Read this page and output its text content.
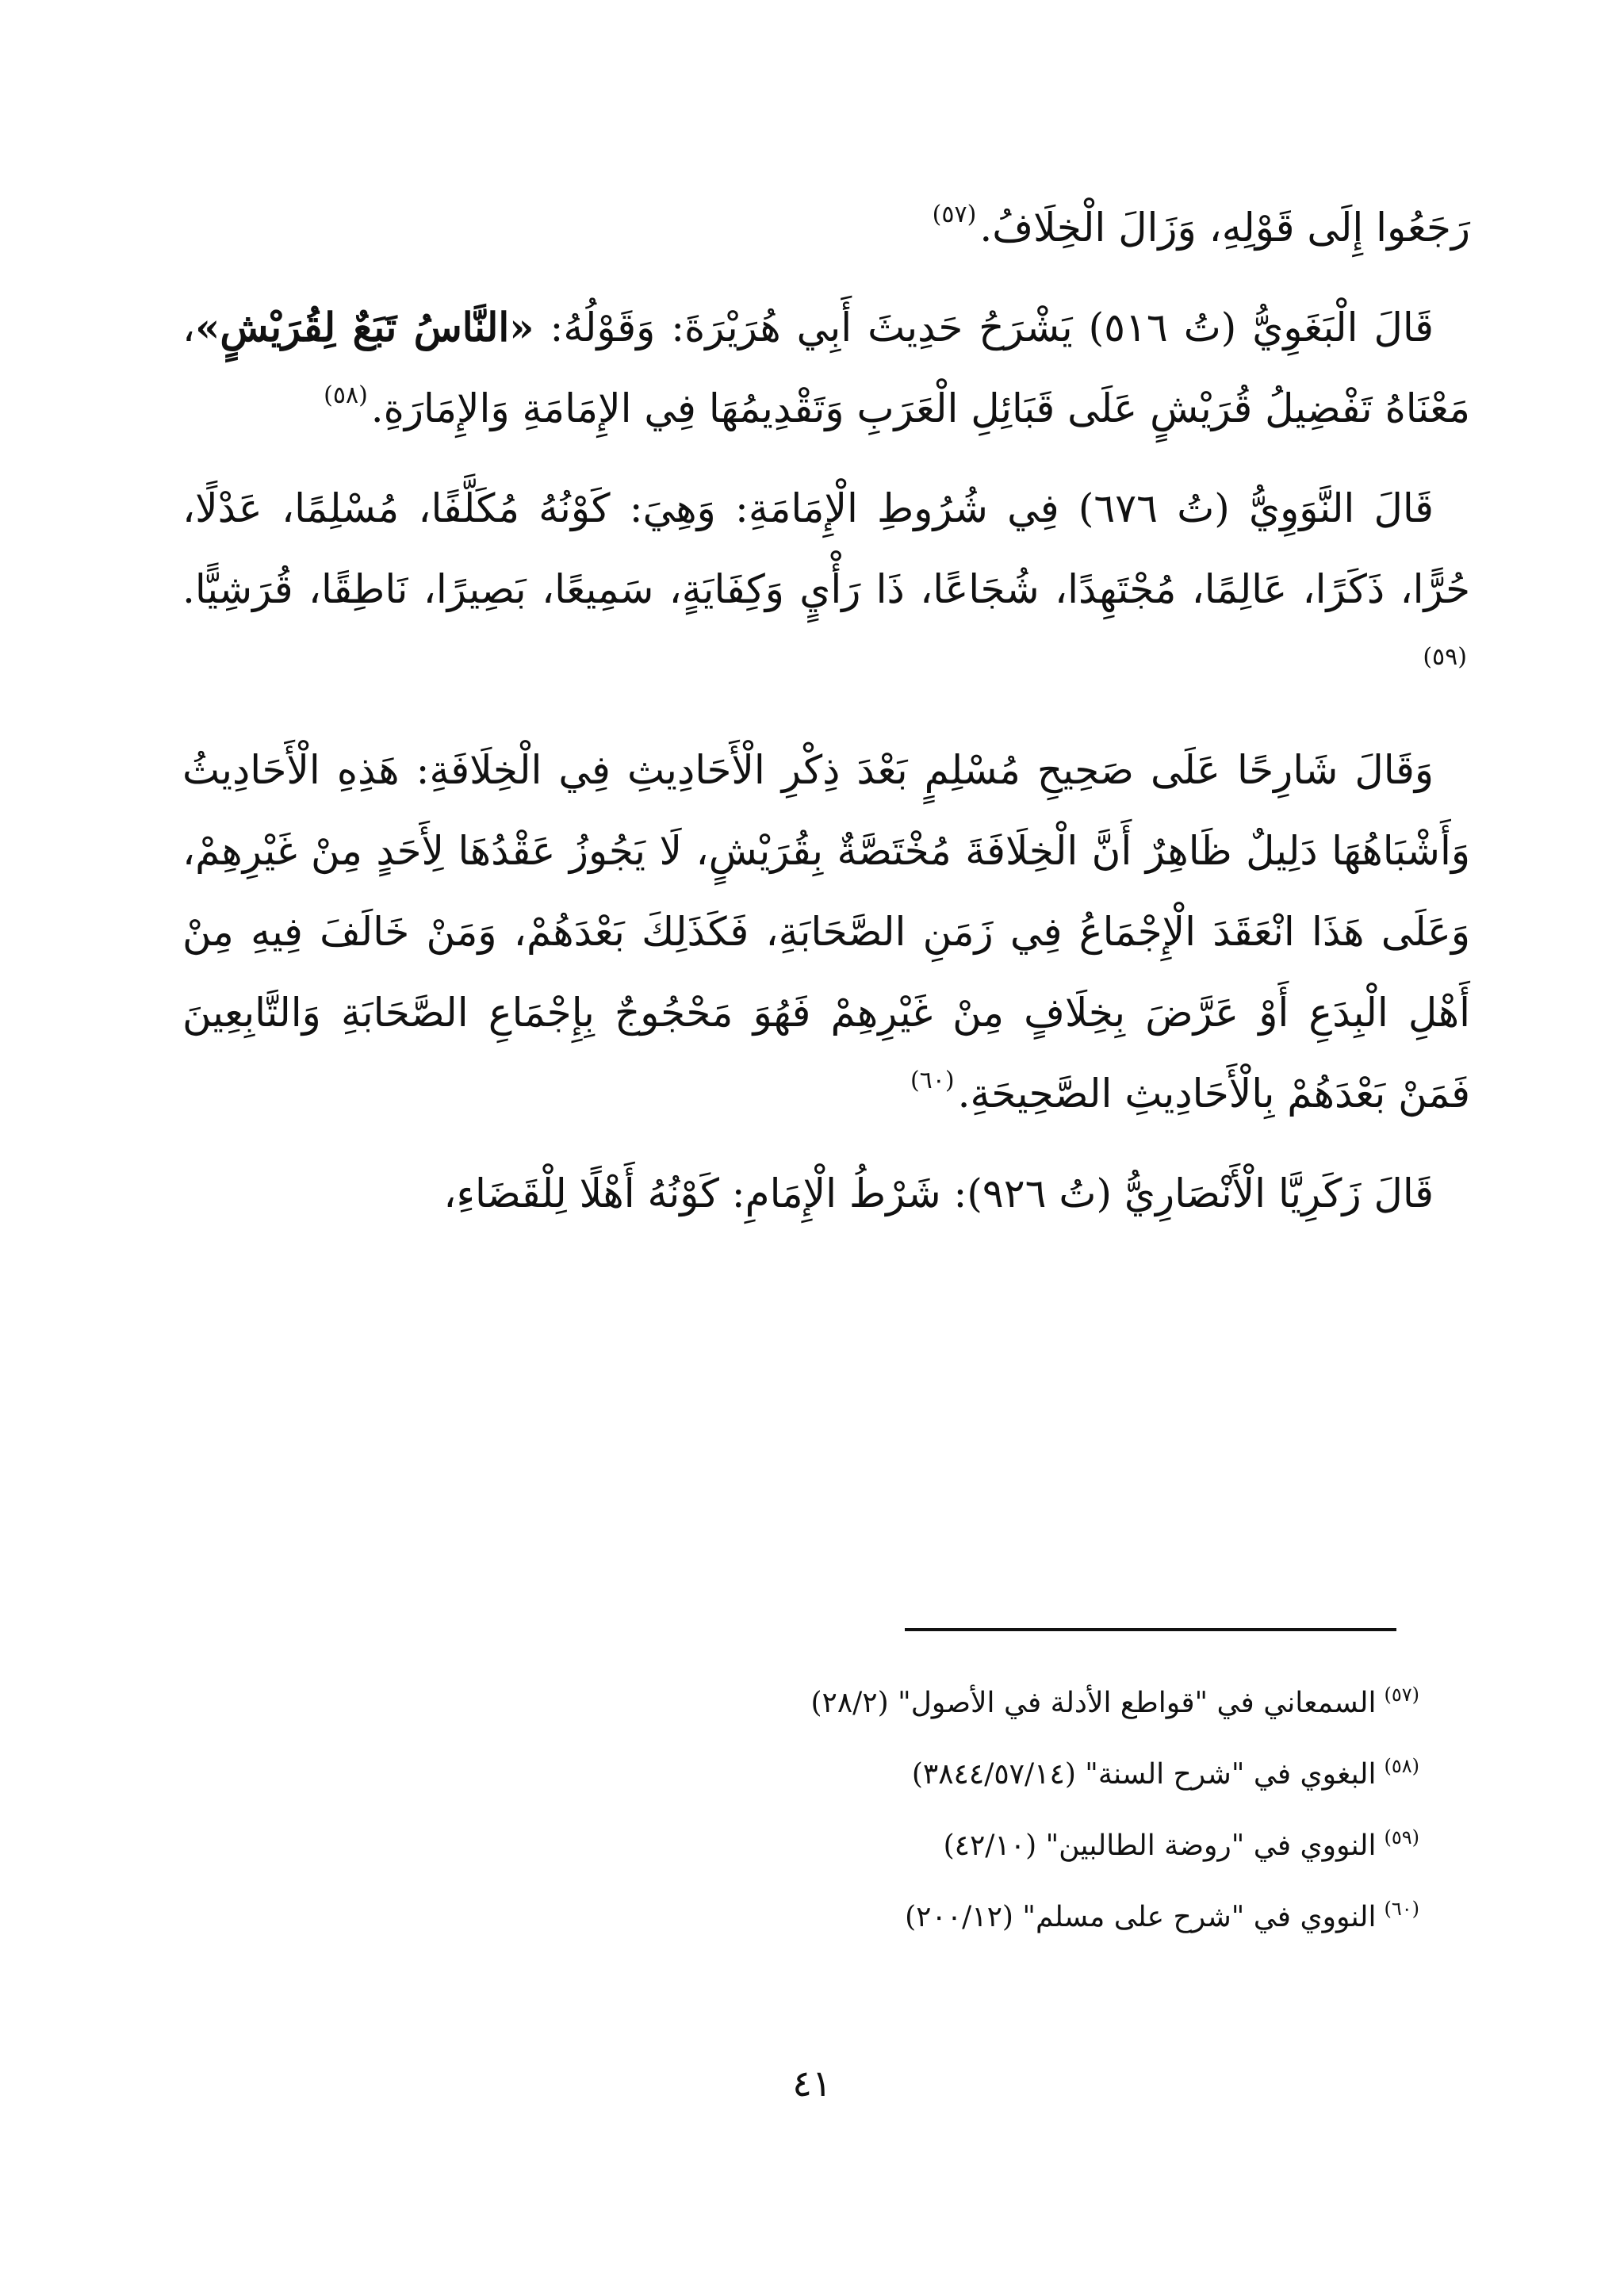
رَجَعُوا إِلَى قَوْلِهِ، وَزَالَ الْخِلَافُ.$^{(٥٧)}$

قَالَ الْبَغَوِيُّ (تُ ٥١٦) يَشْرَحُ حَدِيثَ أَبِي هُرَيْرَةَ: وَقَوْلُهُ: «النَّاسُ تَبَعٌ لِقُرَيْشٍ»، مَعْنَاهُ تَفْضِيلُ قُرَيْشٍ عَلَى قَبَائِلِ الْعَرَبِ وَتَقْدِيمُهَا فِي الإِمَامَةِ وَالإِمَارَةِ.$^{(٥٨)}$

قَالَ النَّوَوِيُّ (تُ ٦٧٦) فِي شُرُوطِ الْإِمَامَةِ: وَهِيَ: كَوْنُهُ مُكَلَّفًا، مُسْلِمًا، عَدْلًا، حُرًّا، ذَكَرًا، عَالِمًا، مُجْتَهِدًا، شُجَاعًا، ذَا رَأْيٍ وَكِفَايَةٍ، سَمِيعًا، بَصِيرًا، نَاطِقًا، قُرَشِيًّا.$^{(٥٩)}$

وَقَالَ شَارِحًا عَلَى صَحِيحِ مُسْلِمٍ بَعْدَ ذِكْرِ الْأَحَادِيثِ فِي الْخِلَافَةِ: هَذِهِ الْأَحَادِيثُ وَأَشْبَاهُهَا دَلِيلٌ ظَاهِرٌ أَنَّ الْخِلَافَةَ مُخْتَصَّةٌ بِقُرَيْشٍ، لَا يَجُوزُ عَقْدُهَا لِأَحَدٍ مِنْ غَيْرِهِمْ، وَعَلَى هَذَا انْعَقَدَ الْإِجْمَاعُ فِي زَمَنِ الصَّحَابَةِ، فَكَذَلِكَ بَعْدَهُمْ، وَمَنْ خَالَفَ فِيهِ مِنْ أَهْلِ الْبِدَعِ أَوْ عَرَّضَ بِخِلَافٍ مِنْ غَيْرِهِمْ فَهُوَ مَحْجُوجٌ بِإِجْمَاعِ الصَّحَابَةِ وَالتَّابِعِينَ فَمَنْ بَعْدَهُمْ بِالْأَحَادِيثِ الصَّحِيحَةِ.$^{(٦٠)}$

قَالَ زَكَرِيَّا الْأَنْصَارِيُّ (تُ ٩٢٦): شَرْطُ الْإِمَامِ: كَوْنُهُ أَهْلًا لِلْقَضَاءِ،

$^{(٥٧)}$السمعاني في "قواطع الأدلة في الأصول" (٢٨/٢)
$^{(٥٨)}$البغوي في "شرح السنة" (٣٨٤٤/٥٧/١٤)
$^{(٥٩)}$النووي في "روضة الطالبين" (٤٢/١٠)
$^{(٦٠)}$النووي في "شرح على مسلم" (٢٠٠/١٢)
٤١
